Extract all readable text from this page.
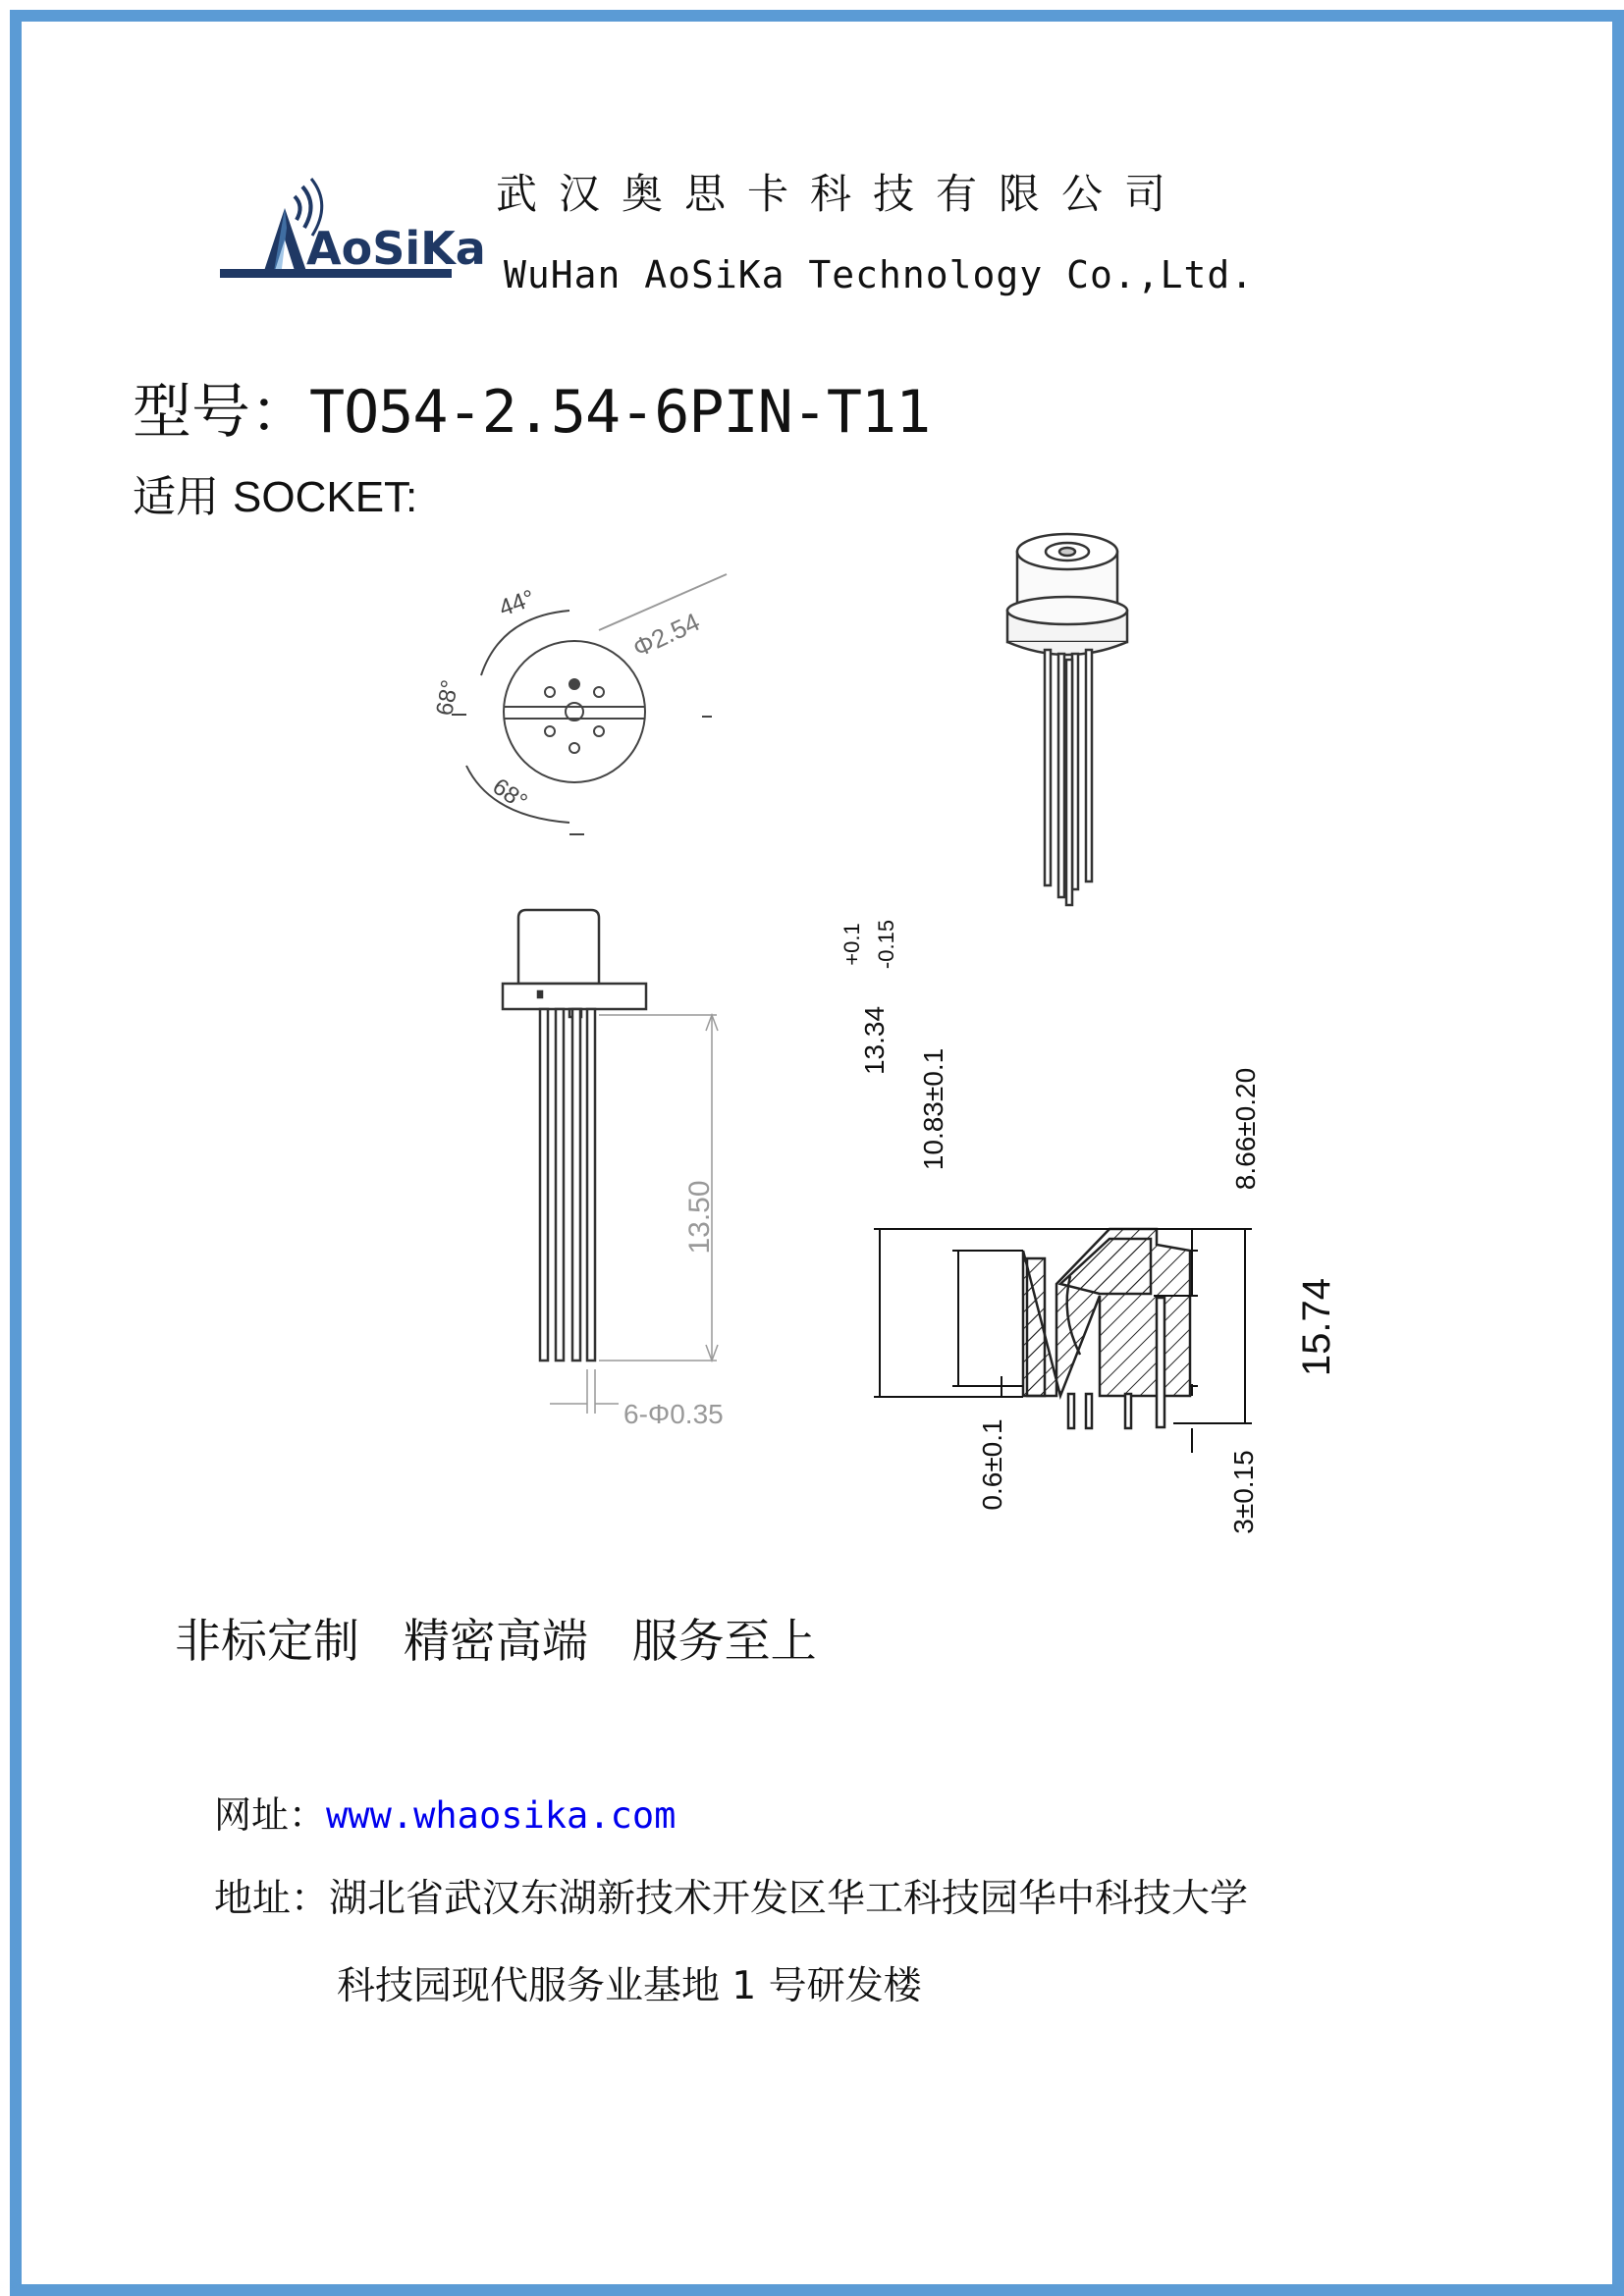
AoSiKa
武汉奥思卡科技有限公司
WuHan AoSiKa Technology Co.,Ltd.
型号：TO54-2.54-6PIN-T11
适用 SOCKET:
44°
68°
68°
Φ2.54
13.50
6-Φ0.35
13.34
+0.1 -0.15
10.83±0.1	8.66±0.20
15.74
0.6±0.1	3±0.15
非标定制   精密高端   服务至上
网址：www.whaosika.com
地址：湖北省武汉东湖新技术开发区华工科技园华中科技大学
科技园现代服务业基地 1 号研发楼
